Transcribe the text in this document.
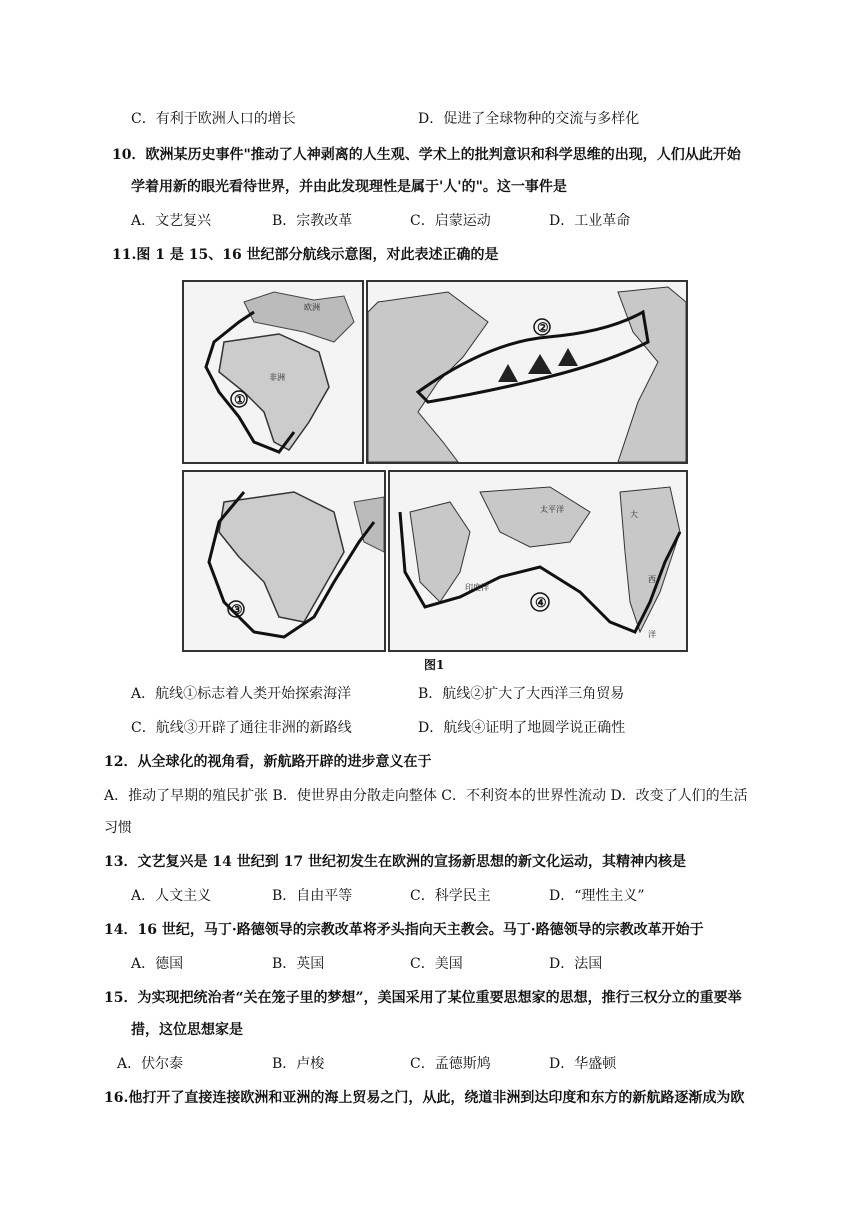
C．有利于欧洲人口的增长	D．促进了全球物种的交流与多样化
10．欧洲某历史事件"推动了人神剥离的人生观、学术上的批判意识和科学思维的出现，人们从此开始
学着用新的眼光看待世界，并由此发现理性是属于'人'的"。这一事件是
A．文艺复兴	B．宗教改革	C．启蒙运动	D．工业革命
11.图 1 是 15、16 世纪部分航线示意图，对此表述正确的是
①
欧洲
非洲
②
③	④
印度洋
太平洋
大
西
洋
图1
A．航线①标志着人类开始探索海洋	B．航线②扩大了大西洋三角贸易
C．航线③开辟了通往非洲的新路线	D．航线④证明了地圆学说正确性
12．从全球化的视角看，新航路开辟的进步意义在于
A．推动了早期的殖民扩张 B．使世界由分散走向整体 C．不利资本的世界性流动 D．改变了人们的生活
习惯
13．文艺复兴是 14 世纪到 17 世纪初发生在欧洲的宣扬新思想的新文化运动，其精神内核是
A．人文主义	B．自由平等	C．科学民主	D．“理性主义”
14．16 世纪，马丁·路德领导的宗教改革将矛头指向天主教会。马丁·路德领导的宗教改革开始于
A．德国	B．英国	C．美国	D．法国
15．为实现把统治者“关在笼子里的梦想”，美国采用了某位重要思想家的思想，推行三权分立的重要举
措，这位思想家是
A．伏尔泰	B．卢梭	C．孟德斯鸠	D．华盛顿
16.他打开了直接连接欧洲和亚洲的海上贸易之门，从此，绕道非洲到达印度和东方的新航路逐渐成为欧
